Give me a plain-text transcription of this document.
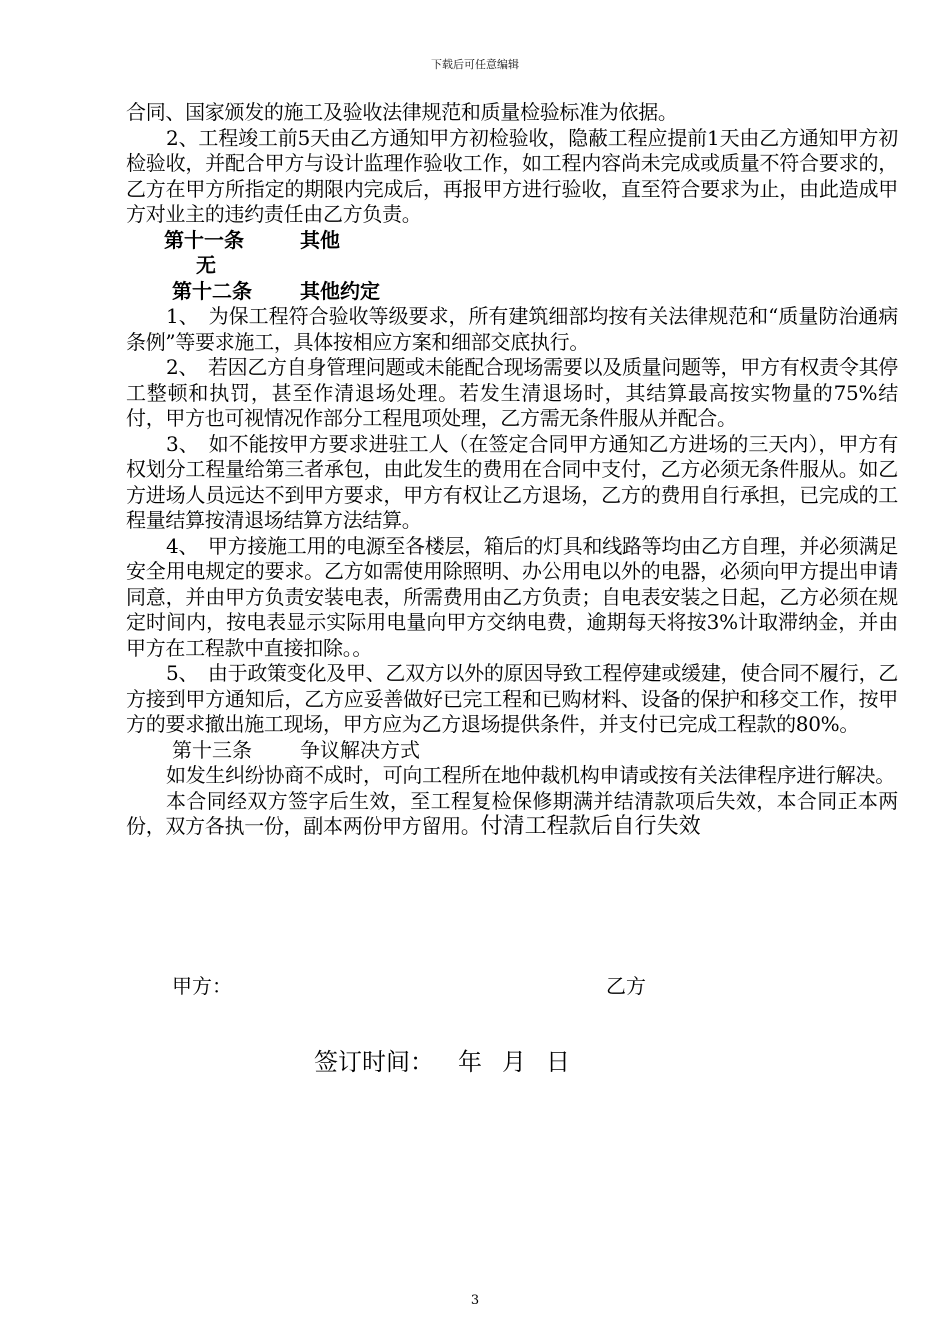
下载后可任意编辑

合同、国家颁发的施工及验收法律规范和质量检验标准为依据。

2、工程竣工前5天由乙方通知甲方初检验收，隐蔽工程应提前1天由乙方通知甲方初检验收，并配合甲方与设计监理作验收工作，如工程内容尚未完成或质量不符合要求的，乙方在甲方所指定的期限内完成后，再报甲方进行验收，直至符合要求为止，由此造成甲方对业主的违约责任由乙方负责。

第十一条	其他

无

第十二条 其他约定

1、　为保工程符合验收等级要求，所有建筑细部均按有关法律规范和“质量防治通病条例”等要求施工，具体按相应方案和细部交底执行。

2、　若因乙方自身管理问题或未能配合现场需要以及质量问题等，甲方有权责令其停工整顿和执罚，甚至作清退场处理。若发生清退场时，其结算最高按实物量的75%结付，甲方也可视情况作部分工程甩项处理，乙方需无条件服从并配合。

3、　如不能按甲方要求进驻工人（在签定合同甲方通知乙方进场的三天内），甲方有权划分工程量给第三者承包，由此发生的费用在合同中支付，乙方必须无条件服从。如乙方进场人员远达不到甲方要求，甲方有权让乙方退场，乙方的费用自行承担，已完成的工程量结算按清退场结算方法结算。

4、　甲方接施工用的电源至各楼层，箱后的灯具和线路等均由乙方自理，并必须满足安全用电规定的要求。乙方如需使用除照明、办公用电以外的电器，必须向甲方提出申请同意，并由甲方负责安装电表，所需费用由乙方负责；自电表安装之日起，乙方必须在规定时间内，按电表显示实际用电量向甲方交纳电费，逾期每天将按3%计取滞纳金，并由甲方在工程款中直接扣除。。

5、　由于政策变化及甲、乙双方以外的原因导致工程停建或缓建，使合同不履行，乙方接到甲方通知后，乙方应妥善做好已完工程和已购材料、设备的保护和移交工作，按甲方的要求撤出施工现场，甲方应为乙方退场提供条件，并支付已完成工程款的80%。

第十三条 争议解决方式

如发生纠纷协商不成时，可向工程所在地仲裁机构申请或按有关法律程序进行解决。

本合同经双方签字后生效，至工程复检保修期满并结清款项后失效，本合同正本两份，双方各执一份，副本两份甲方留用。付清工程款后自行失效

甲方：	乙方
签订时间： 年 月 日
3
